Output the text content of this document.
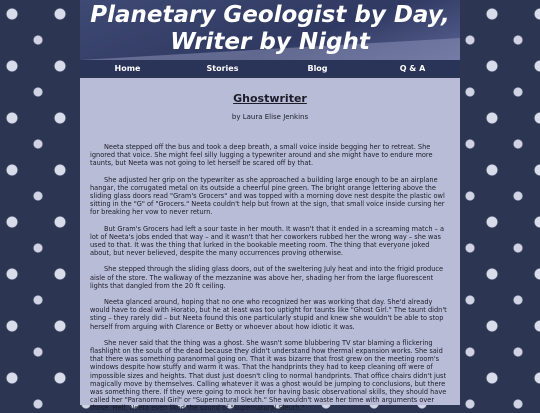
Planetary Geologist by Day,
Writer by Night
Home	Stories	Blog	Q & A
Ghostwriter
by Laura Elise Jenkins

Neeta stepped off the bus and took a deep breath, a small voice inside begging her to retreat. She ignored that voice. She might feel silly lugging a typewriter around and she might have to endure more taunts, but Neeta was not going to let herself be scared off by that.

She adjusted her grip on the typewriter as she approached a building large enough to be an airplane hangar, the corrugated metal on its outside a cheerful pine green. The bright orange lettering above the sliding glass doors read "Gram's Grocers" and was topped with a morning dove nest despite the plastic owl sitting in the "G" of "Grocers." Neeta couldn't help but frown at the sign, that small voice inside cursing her for breaking her vow to never return.

But Gram's Grocers had left a sour taste in her mouth. It wasn't that it ended in a screaming match – a lot of Neeta's jobs ended that way – and it wasn't that her coworkers rubbed her the wrong way – she was used to that. It was the thing that lurked in the bookable meeting room. The thing that everyone joked about, but never believed, despite the many occurrences proving otherwise.

She stepped through the sliding glass doors, out of the sweltering July heat and into the frigid produce aisle of the store. The walkway of the mezzanine was above her, shading her from the large fluorescent lights that dangled from the 20 ft ceiling.

Neeta glanced around, hoping that no one who recognized her was working that day. She'd already would have to deal with Horatio, but he at least was too uptight for taunts like "Ghost Girl." The taunt didn't sting – they rarely did – but Neeta found this one particularly stupid and knew she wouldn't be able to stop herself from arguing with Clarence or Betty or whoever about how idiotic it was.

She never said that the thing was a ghost. She wasn't some blubbering TV star blaming a flickering flashlight on the souls of the dead because they didn't understand how thermal expansion works. She said that there was something paranormal going on. That it was bizarre that frost grew on the meeting room's windows despite how stuffy and warm it was. That the handprints they had to keep cleaning off were of impossible sizes and heights. That dust just doesn't cling to normal handprints. That office chairs didn't just magically move by themselves. Calling whatever it was a ghost would be jumping to conclusions, but there was something there. If they were going to mock her for having basic observational skills, they should have called her "Paranormal Girl" or "Supernatural Sleuth." She wouldn't waste her time with arguments over those. Hell, Neeta even liked the sound of "Supernatural Sleuth."
